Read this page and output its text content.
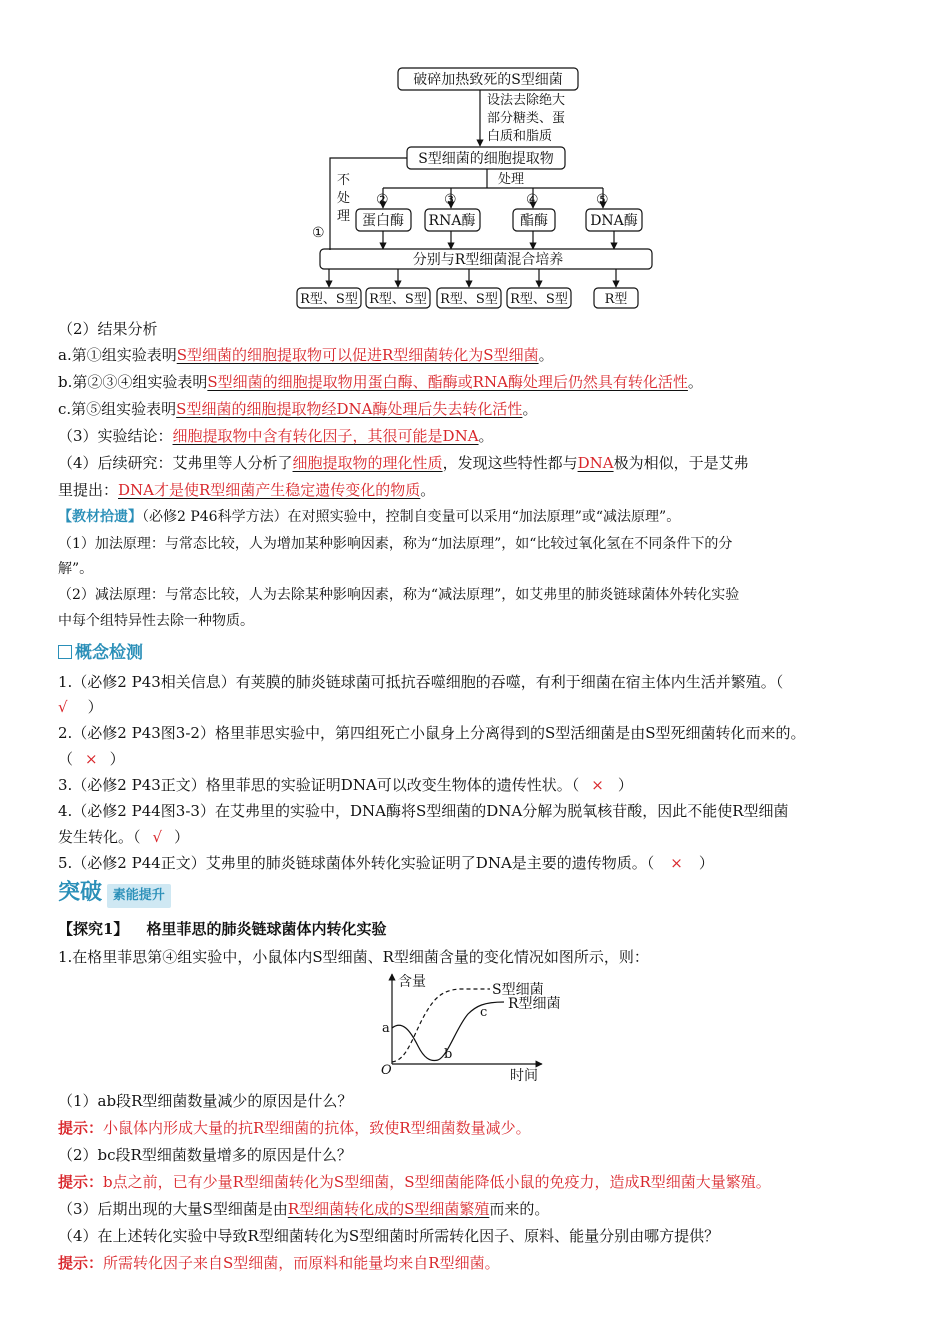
破碎加热致死的S型细菌
设法去除绝大
部分糖类、蛋
白质和脂质
S型细菌的细胞提取物
不
处
理
处理
①
②	③	④	⑤
蛋白酶 RNA酶	酯酶	DNA酶
分别与R型细菌混合培养
R型、S型 R型、S型 R型、S型 R型、S型	R型
（2）结果分析
a.第①组实验表明S型细菌的细胞提取物可以促进R型细菌转化为S型细菌。
b.第②③④组实验表明S型细菌的细胞提取物用蛋白酶、酯酶或RNA酶处理后仍然具有转化活性。
c.第⑤组实验表明S型细菌的细胞提取物经DNA酶处理后失去转化活性。
（3）实验结论：细胞提取物中含有转化因子，其很可能是DNA。
（4）后续研究：艾弗里等人分析了细胞提取物的理化性质，发现这些特性都与DNA极为相似，于是艾弗
里提出：DNA才是使R型细菌产生稳定遗传变化的物质。
【教材拾遗】（必修2 P46科学方法）在对照实验中，控制自变量可以采用“加法原理”或“减法原理”。
（1）加法原理：与常态比较，人为增加某种影响因素，称为“加法原理”，如“比较过氧化氢在不同条件下的分
解”。
（2）减法原理：与常态比较，人为去除某种影响因素，称为“减法原理”，如艾弗里的肺炎链球菌体外转化实验
中每个组特异性去除一种物质。
概念检测
1.（必修2 P43相关信息）有荚膜的肺炎链球菌可抵抗吞噬细胞的吞噬，有利于细菌在宿主体内生活并繁殖。（
√ ）
2.（必修2 P43图3-2）格里菲思实验中，第四组死亡小鼠身上分离得到的S型活细菌是由S型死细菌转化而来的。
（ × ）
3.（必修2 P43正文）格里菲思的实验证明DNA可以改变生物体的遗传性状。（ × ）
4.（必修2 P44图3-3）在艾弗里的实验中，DNA酶将S型细菌的DNA分解为脱氧核苷酸，因此不能使R型细菌
发生转化。（ √ ）
5.（必修2 P44正文）艾弗里的肺炎链球菌体外转化实验证明了DNA是主要的遗传物质。（ × ）
突破 素能提升
【探究1】 格里菲思的肺炎链球菌体内转化实验
1.在格里菲思第④组实验中，小鼠体内S型细菌、R型细菌含量的变化情况如图所示，则：
含量
时间
O
a
b
c
S型细菌
R型细菌
（1）ab段R型细菌数量减少的原因是什么？
提示：小鼠体内形成大量的抗R型细菌的抗体，致使R型细菌数量减少。
（2）bc段R型细菌数量增多的原因是什么？
提示：b点之前，已有少量R型细菌转化为S型细菌，S型细菌能降低小鼠的免疫力，造成R型细菌大量繁殖。
（3）后期出现的大量S型细菌是由R型细菌转化成的S型细菌繁殖而来的。
（4）在上述转化实验中导致R型细菌转化为S型细菌时所需转化因子、原料、能量分别由哪方提供？
提示：所需转化因子来自S型细菌，而原料和能量均来自R型细菌。
